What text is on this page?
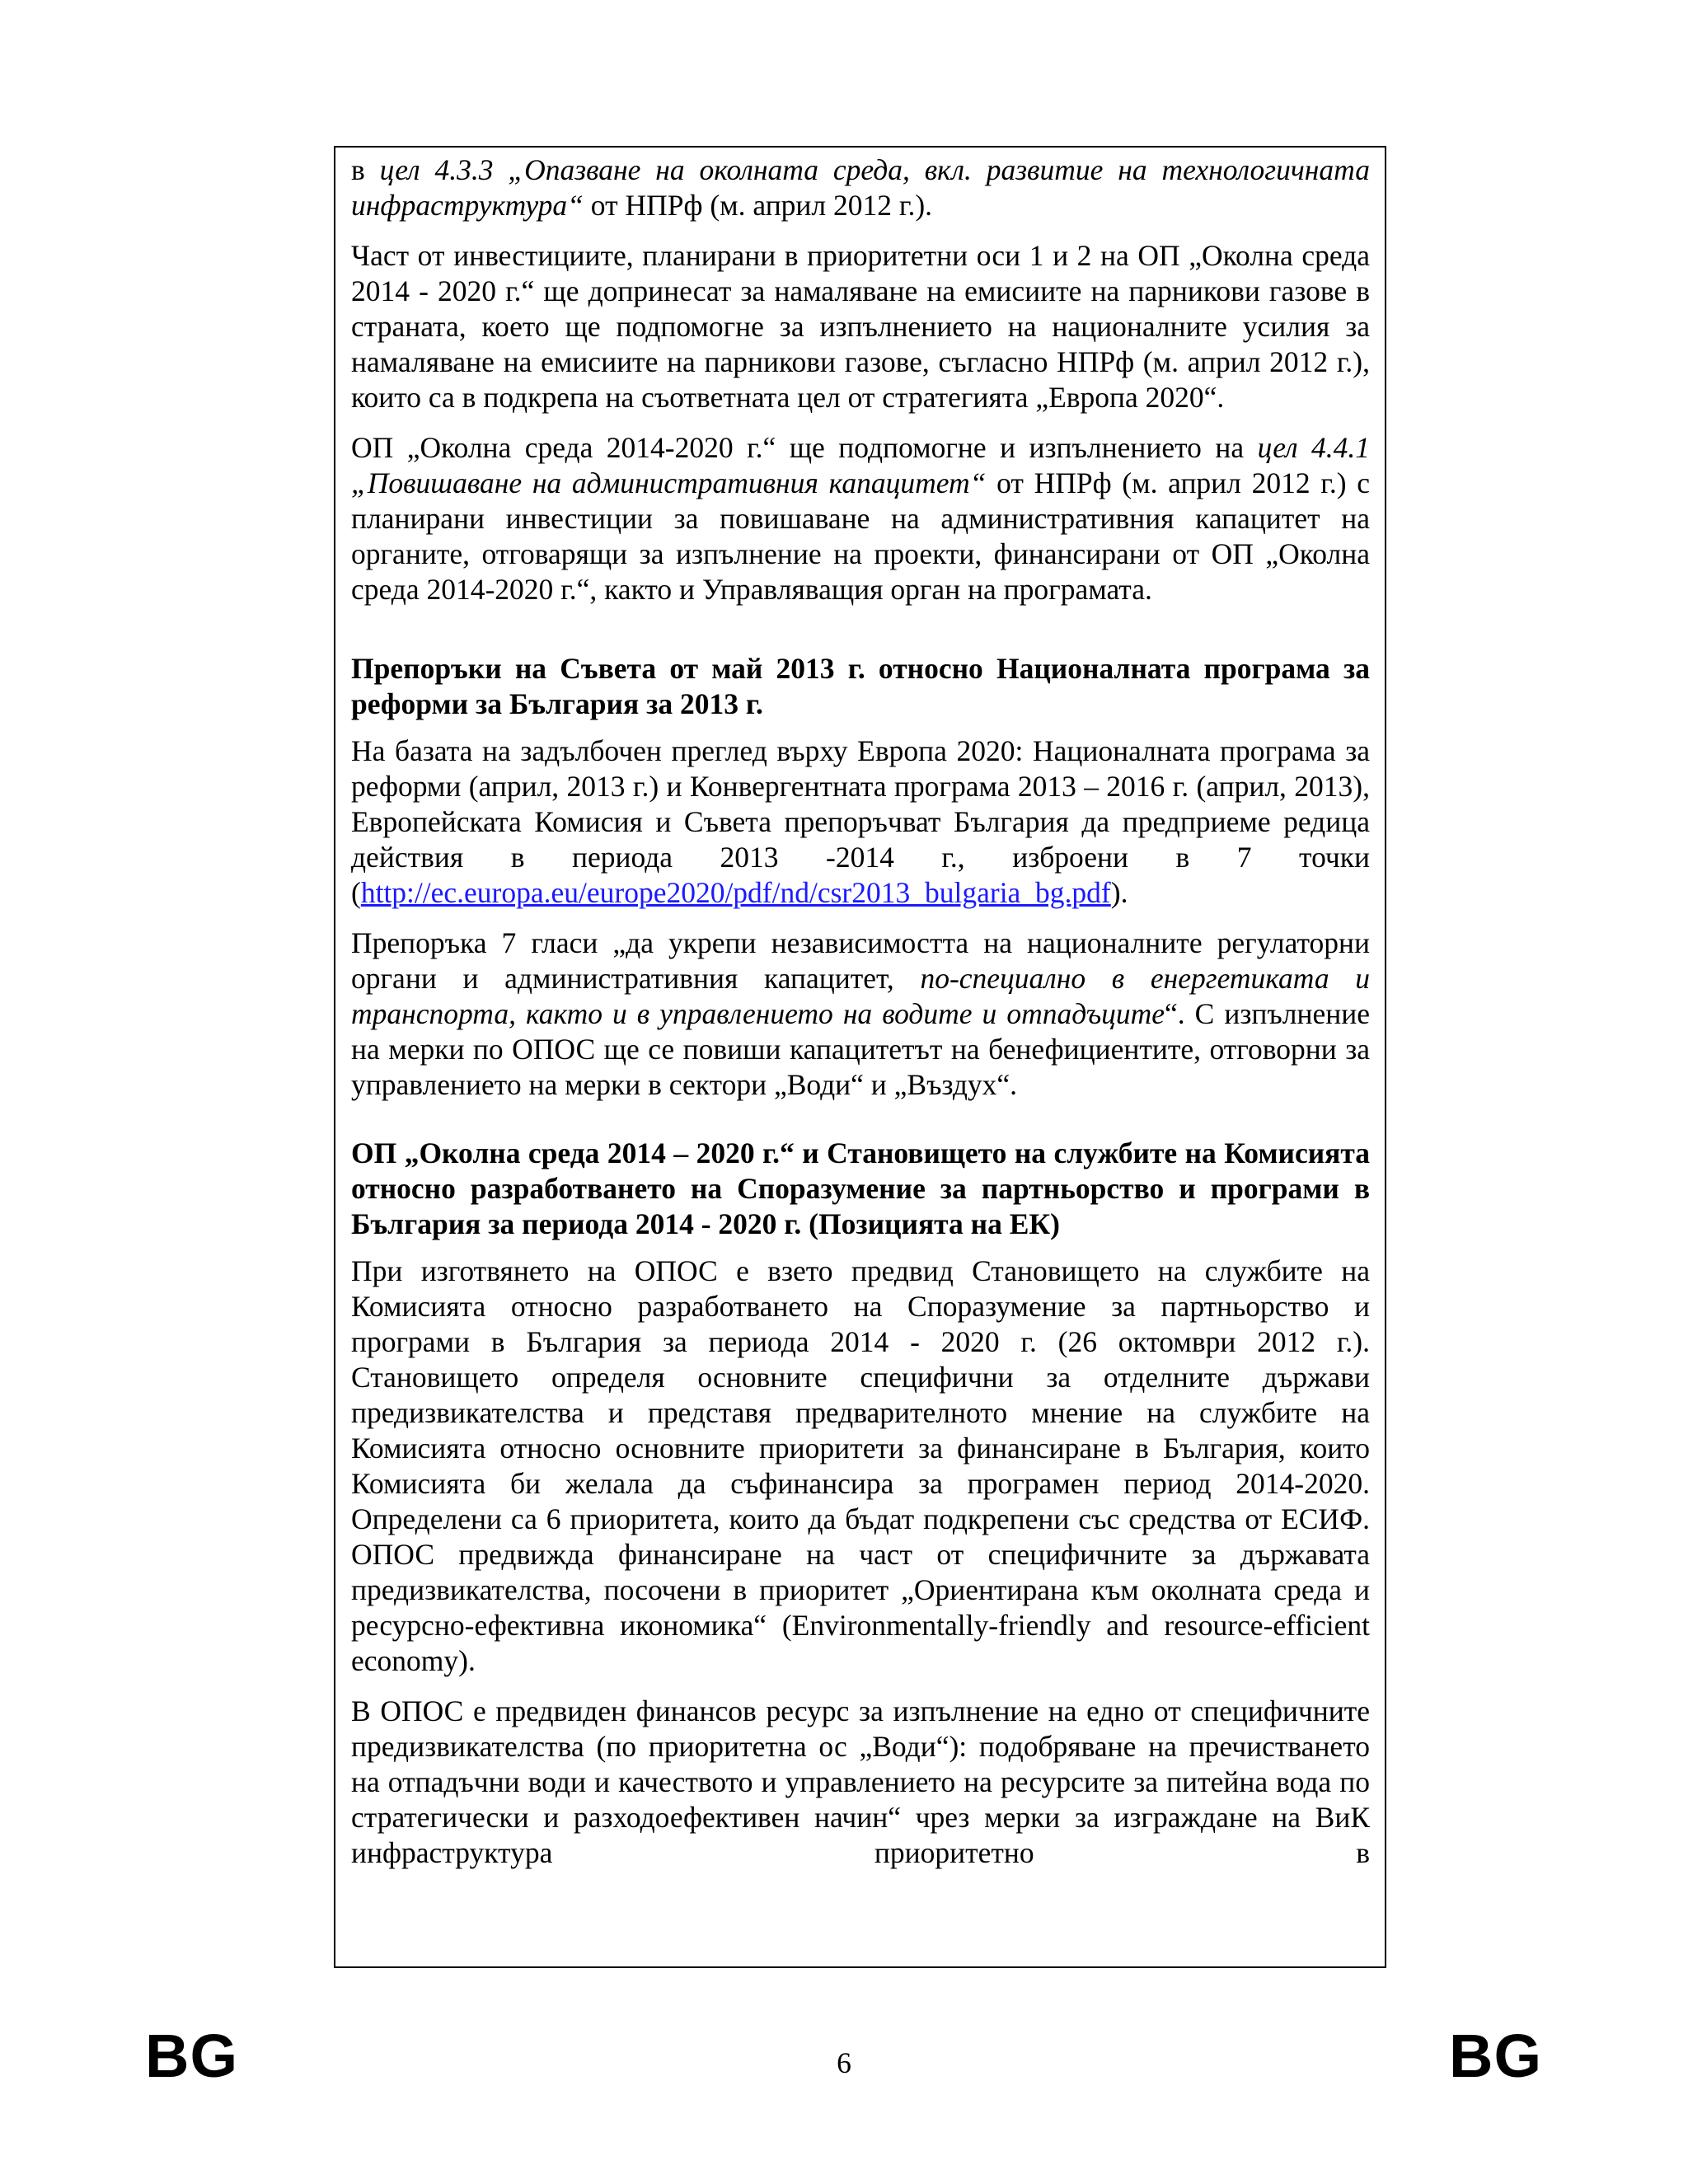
в цел 4.3.3 „Опазване на околната среда, вкл. развитие на технологичната инфраструктура“ от НПРф (м. април 2012 г.).

Част от инвестициите, планирани в приоритетни оси 1 и 2 на ОП „Околна среда 2014 - 2020 г.“ ще допринесат за намаляване на емисиите на парникови газове в страната, което ще подпомогне за изпълнението на националните усилия за намаляване на емисиите на парникови газове, съгласно НПРф (м. април 2012 г.), които са в подкрепа на съответната цел от стратегията „Европа 2020“.

ОП „Околна среда 2014-2020 г.“ ще подпомогне и изпълнението на цел 4.4.1 „Повишаване на административния капацитет“ от НПРф (м. април 2012 г.) с планирани инвестиции за повишаване на административния капацитет на органите, отговарящи за изпълнение на проекти, финансирани от ОП „Околна среда 2014-2020 г.“, както и Управляващия орган на програмата.

Препоръки на Съвета от май 2013 г. относно Националната програма за реформи за България за 2013 г.

На базата на задълбочен преглед върху Европа 2020: Националната програма за реформи (април, 2013 г.) и Конвергентната програма 2013 – 2016 г. (април, 2013), Европейската Комисия и Съвета препоръчват България да предприеме редица действия в периода 2013 -2014 г., изброени в 7 точки (http://ec.europa.eu/europe2020/pdf/nd/csr2013_bulgaria_bg.pdf).

Препоръка 7 гласи „да укрепи независимостта на националните регулаторни органи и административния капацитет, по-специално в енергетиката и транспорта, както и в управлението на водите и отпадъците“. С изпълнение на мерки по ОПОС ще се повиши капацитетът на бенефициентите, отговорни за управлението на мерки в сектори „Води“ и „Въздух“.

ОП „Околна среда 2014 – 2020 г.“ и Становището на службите на Комисията относно разработването на Споразумение за партньорство и програми в България за периода 2014 - 2020 г. (Позицията на ЕК)

При изготвянето на ОПОС е взето предвид Становището на службите на Комисията относно разработването на Споразумение за партньорство и програми в България за периода 2014 - 2020 г. (26 октомври 2012 г.). Становището определя основните специфични за отделните държави предизвикателства и представя предварителното мнение на службите на Комисията относно основните приоритети за финансиране в България, които Комисията би желала да съфинансира за програмен период 2014-2020. Определени са 6 приоритета, които да бъдат подкрепени със средства от ЕСИФ. ОПОС предвижда финансиране на част от специфичните за държавата предизвикателства, посочени в приоритет „Ориентирана към околната среда и ресурсно-ефективна икономика“ (Environmentally-friendly and resource-efficient economy).

В ОПОС е предвиден финансов ресурс за изпълнение на едно от специфичните предизвикателства (по приоритетна ос „Води“): подобряване на пречистването на отпадъчни води и качеството и управлението на ресурсите за питейна вода по стратегически и разходоефективен начин“ чрез мерки за изграждане на ВиК инфраструктура приоритетно в

BG	6	BG
